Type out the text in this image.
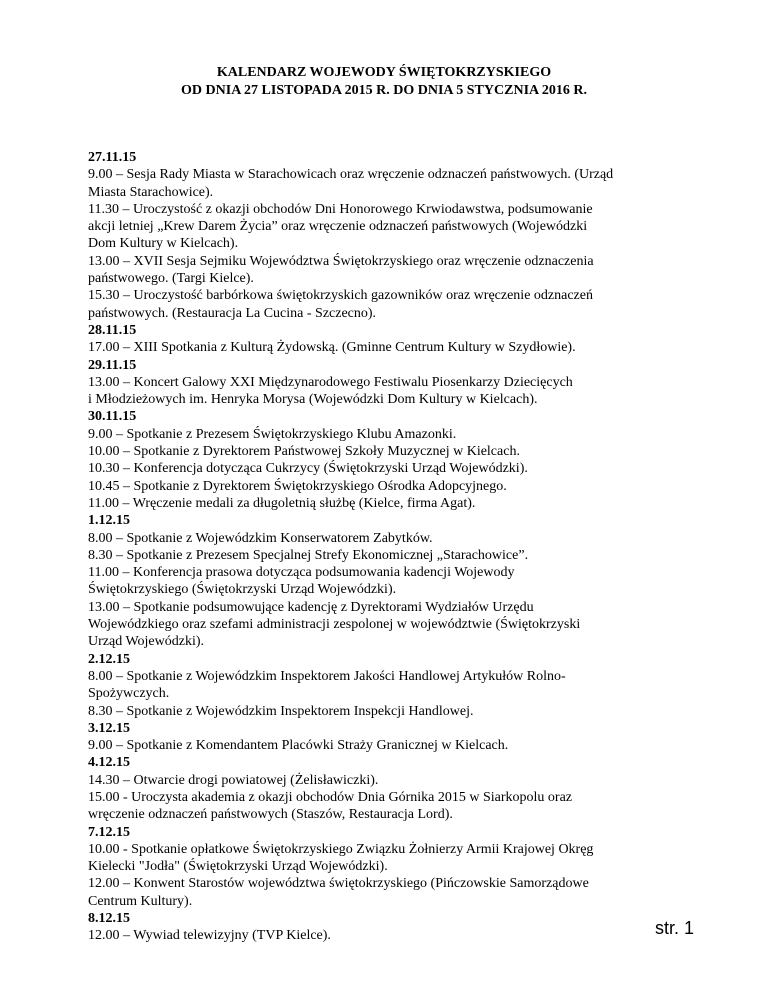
KALENDARZ WOJEWODY ŚWIĘTOKRZYSKIEGO
OD DNIA 27 LISTOPADA 2015 R. DO DNIA 5 STYCZNIA 2016 R.
27.11.15
9.00 – Sesja Rady Miasta w Starachowicach oraz wręczenie odznaczeń państwowych. (Urząd
Miasta Starachowice).
11.30 – Uroczystość z okazji obchodów Dni Honorowego Krwiodawstwa, podsumowanie
akcji letniej „Krew Darem Życia” oraz wręczenie odznaczeń państwowych (Wojewódzki
Dom Kultury w Kielcach).
13.00 – XVII Sesja Sejmiku Województwa Świętokrzyskiego oraz wręczenie odznaczenia
państwowego. (Targi Kielce).
15.30 – Uroczystość barbórkowa świętokrzyskich gazowników oraz wręczenie odznaczeń
państwowych. (Restauracja La Cucina - Szczecno).
28.11.15
17.00 – XIII Spotkania z Kulturą Żydowską. (Gminne Centrum Kultury w Szydłowie).
29.11.15
13.00 – Koncert Galowy XXI Międzynarodowego Festiwalu Piosenkarzy Dziecięcych
i Młodzieżowych im. Henryka Morysa (Wojewódzki Dom Kultury w Kielcach).
30.11.15
9.00 – Spotkanie z Prezesem Świętokrzyskiego Klubu Amazonki.
10.00 – Spotkanie z Dyrektorem Państwowej Szkoły Muzycznej w Kielcach.
10.30 – Konferencja dotycząca Cukrzycy (Świętokrzyski Urząd Wojewódzki).
10.45 – Spotkanie z Dyrektorem Świętokrzyskiego Ośrodka Adopcyjnego.
11.00 – Wręczenie medali za długoletnią służbę (Kielce, firma Agat).
1.12.15
8.00 – Spotkanie z Wojewódzkim Konserwatorem Zabytków.
8.30 – Spotkanie z Prezesem Specjalnej Strefy Ekonomicznej „Starachowice”.
11.00 – Konferencja prasowa dotycząca podsumowania kadencji Wojewody
Świętokrzyskiego (Świętokrzyski Urząd Wojewódzki).
13.00 – Spotkanie podsumowujące kadencję z Dyrektorami Wydziałów Urzędu
Wojewódzkiego oraz szefami administracji zespolonej w województwie (Świętokrzyski
Urząd Wojewódzki).
2.12.15
8.00 – Spotkanie z Wojewódzkim Inspektorem Jakości Handlowej Artykułów Rolno-
Spożywczych.
8.30 – Spotkanie z Wojewódzkim Inspektorem Inspekcji Handlowej.
3.12.15
9.00 – Spotkanie z Komendantem Placówki Straży Granicznej w Kielcach.
4.12.15
14.30 – Otwarcie drogi powiatowej (Żelisławiczki).
15.00 - Uroczysta akademia z okazji obchodów Dnia Górnika 2015 w Siarkopolu oraz
wręczenie odznaczeń państwowych (Staszów, Restauracja Lord).
7.12.15
10.00 - Spotkanie opłatkowe Świętokrzyskiego Związku Żołnierzy Armii Krajowej Okręg
Kielecki "Jodła" (Świętokrzyski Urząd Wojewódzki).
12.00 – Konwent Starostów województwa świętokrzyskiego (Pińczowskie Samorządowe
Centrum Kultury).
8.12.15
12.00 – Wywiad telewizyjny (TVP Kielce).	str. 1
